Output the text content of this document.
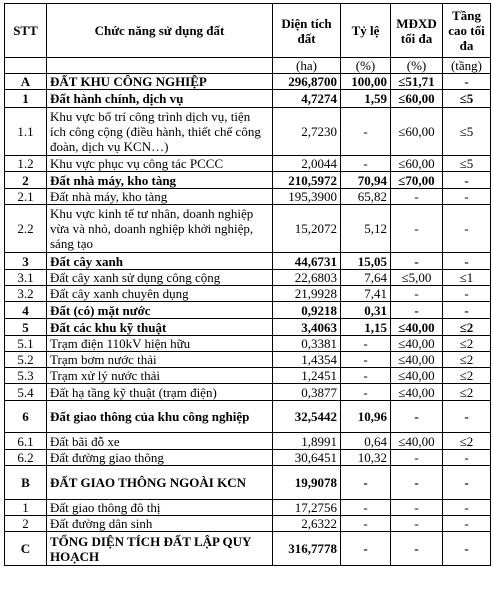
STT	Chức năng sử dụng đất	Diện tích đất	Tỷ lệ	MĐXD tối đa	Tầng cao tối đa
		(ha)	(%)	(%)	(tầng)
A	ĐẤT KHU CÔNG NGHIỆP	296,8700	100,00	≤51,71	-
1	Đất hành chính, dịch vụ	4,7274	1,59	≤60,00	≤5
1.1	Khu vực bố trí công trình dịch vụ, tiện ích công cộng (điều hành, thiết chế công đoàn, dịch vụ KCN…)	2,7230	-	≤60,00	≤5
1.2	Khu vực phục vụ công tác PCCC	2,0044	-	≤60,00	≤5
2	Đất nhà máy, kho tàng	210,5972	70,94	≤70,00	-
2.1	Đất nhà máy, kho tàng	195,3900	65,82	-	-
2.2	Khu vực kinh tế tư nhân, doanh nghiệp vừa và nhỏ, doanh nghiệp khởi nghiệp, sáng tạo	15,2072	5,12	-	-
3	Đất cây xanh	44,6731	15,05	-	-
3.1	Đất cây xanh sử dụng công cộng	22,6803	7,64	≤5,00	≤1
3.2	Đất cây xanh chuyên dụng	21,9928	7,41	-	-
4	Đất (có) mặt nước	0,9218	0,31	-	-
5	Đất các khu kỹ thuật	3,4063	1,15	≤40,00	≤2
5.1	Trạm điện 110kV hiện hữu	0,3381	-	≤40,00	≤2
5.2	Trạm bơm nước thải	1,4354	-	≤40,00	≤2
5.3	Trạm xử lý nước thải	1,2451	-	≤40,00	≤2
5.4	Đất hạ tầng kỹ thuật (trạm điện)	0,3877	-	≤40,00	≤2
6	Đất giao thông của khu công nghiệp	32,5442	10,96	-	-
6.1	Đất bãi đỗ xe	1,8991	0,64	≤40,00	≤2
6.2	Đất đường giao thông	30,6451	10,32	-	-
B	ĐẤT GIAO THÔNG NGOÀI KCN	19,9078	-	-	-
1	Đất giao thông đô thị	17,2756	-	-	-
2	Đất đường dân sinh	2,6322	-	-	-
C	TỔNG DIỆN TÍCH ĐẤT LẬP QUY HOẠCH	316,7778	-	-	-
